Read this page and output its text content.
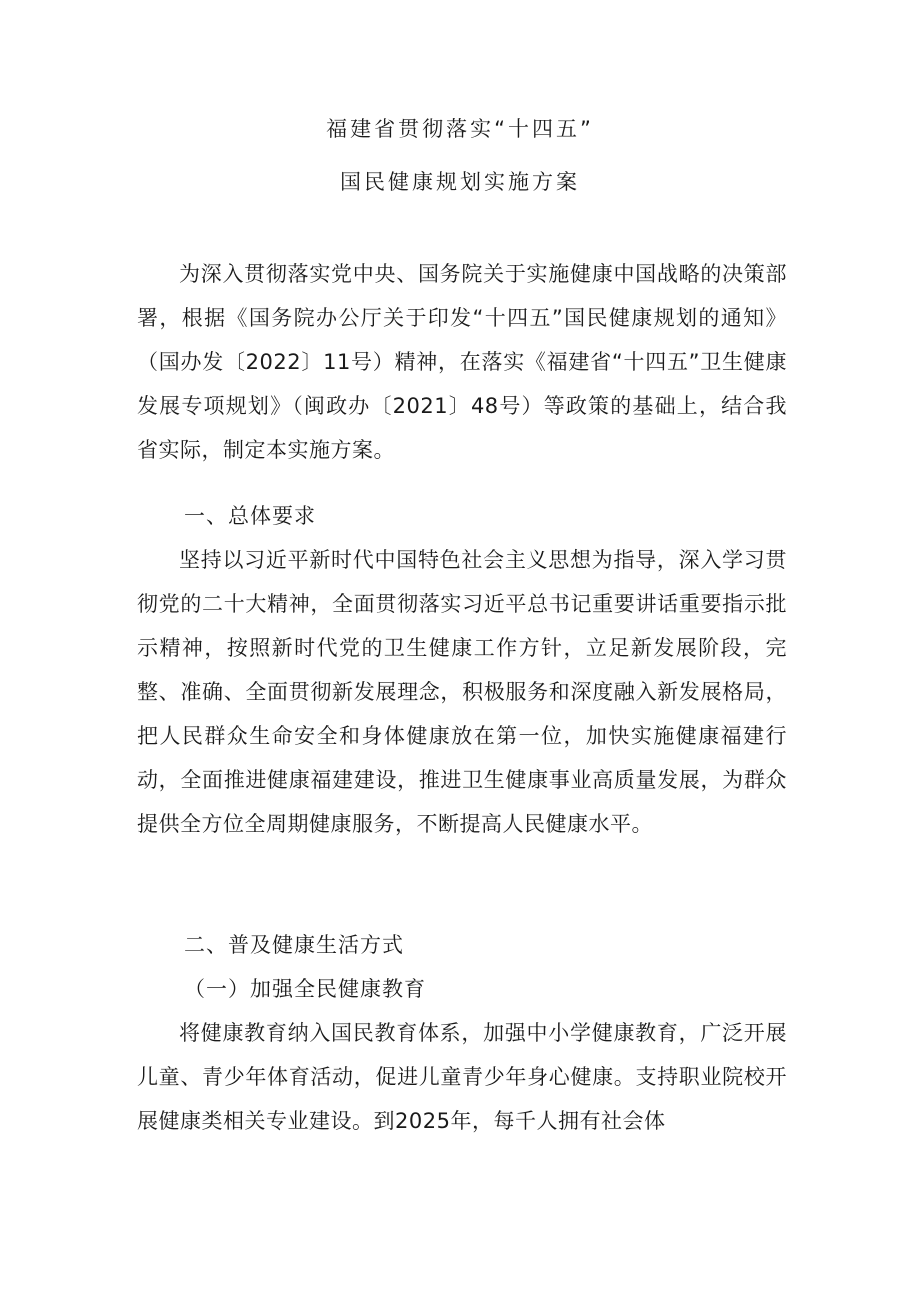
福建省贯彻落实“十四五”
国民健康规划实施方案
为深入贯彻落实党中央、国务院关于实施健康中国战略的决策部署，根据《国务院办公厅关于印发“十四五”国民健康规划的通知》（国办发〔2022〕11号）精神，在落实《福建省“十四五”卫生健康发展专项规划》（闽政办〔2021〕48号）等政策的基础上，结合我省实际，制定本实施方案。
一、总体要求
坚持以习近平新时代中国特色社会主义思想为指导，深入学习贯彻党的二十大精神，全面贯彻落实习近平总书记重要讲话重要指示批示精神，按照新时代党的卫生健康工作方针，立足新发展阶段，完整、准确、全面贯彻新发展理念，积极服务和深度融入新发展格局，把人民群众生命安全和身体健康放在第一位，加快实施健康福建行动，全面推进健康福建建设，推进卫生健康事业高质量发展，为群众提供全方位全周期健康服务，不断提高人民健康水平。
二、普及健康生活方式
（一）加强全民健康教育
将健康教育纳入国民教育体系，加强中小学健康教育，广泛开展儿童、青少年体育活动，促进儿童青少年身心健康。支持职业院校开展健康类相关专业建设。到2025年，每千人拥有社会体
